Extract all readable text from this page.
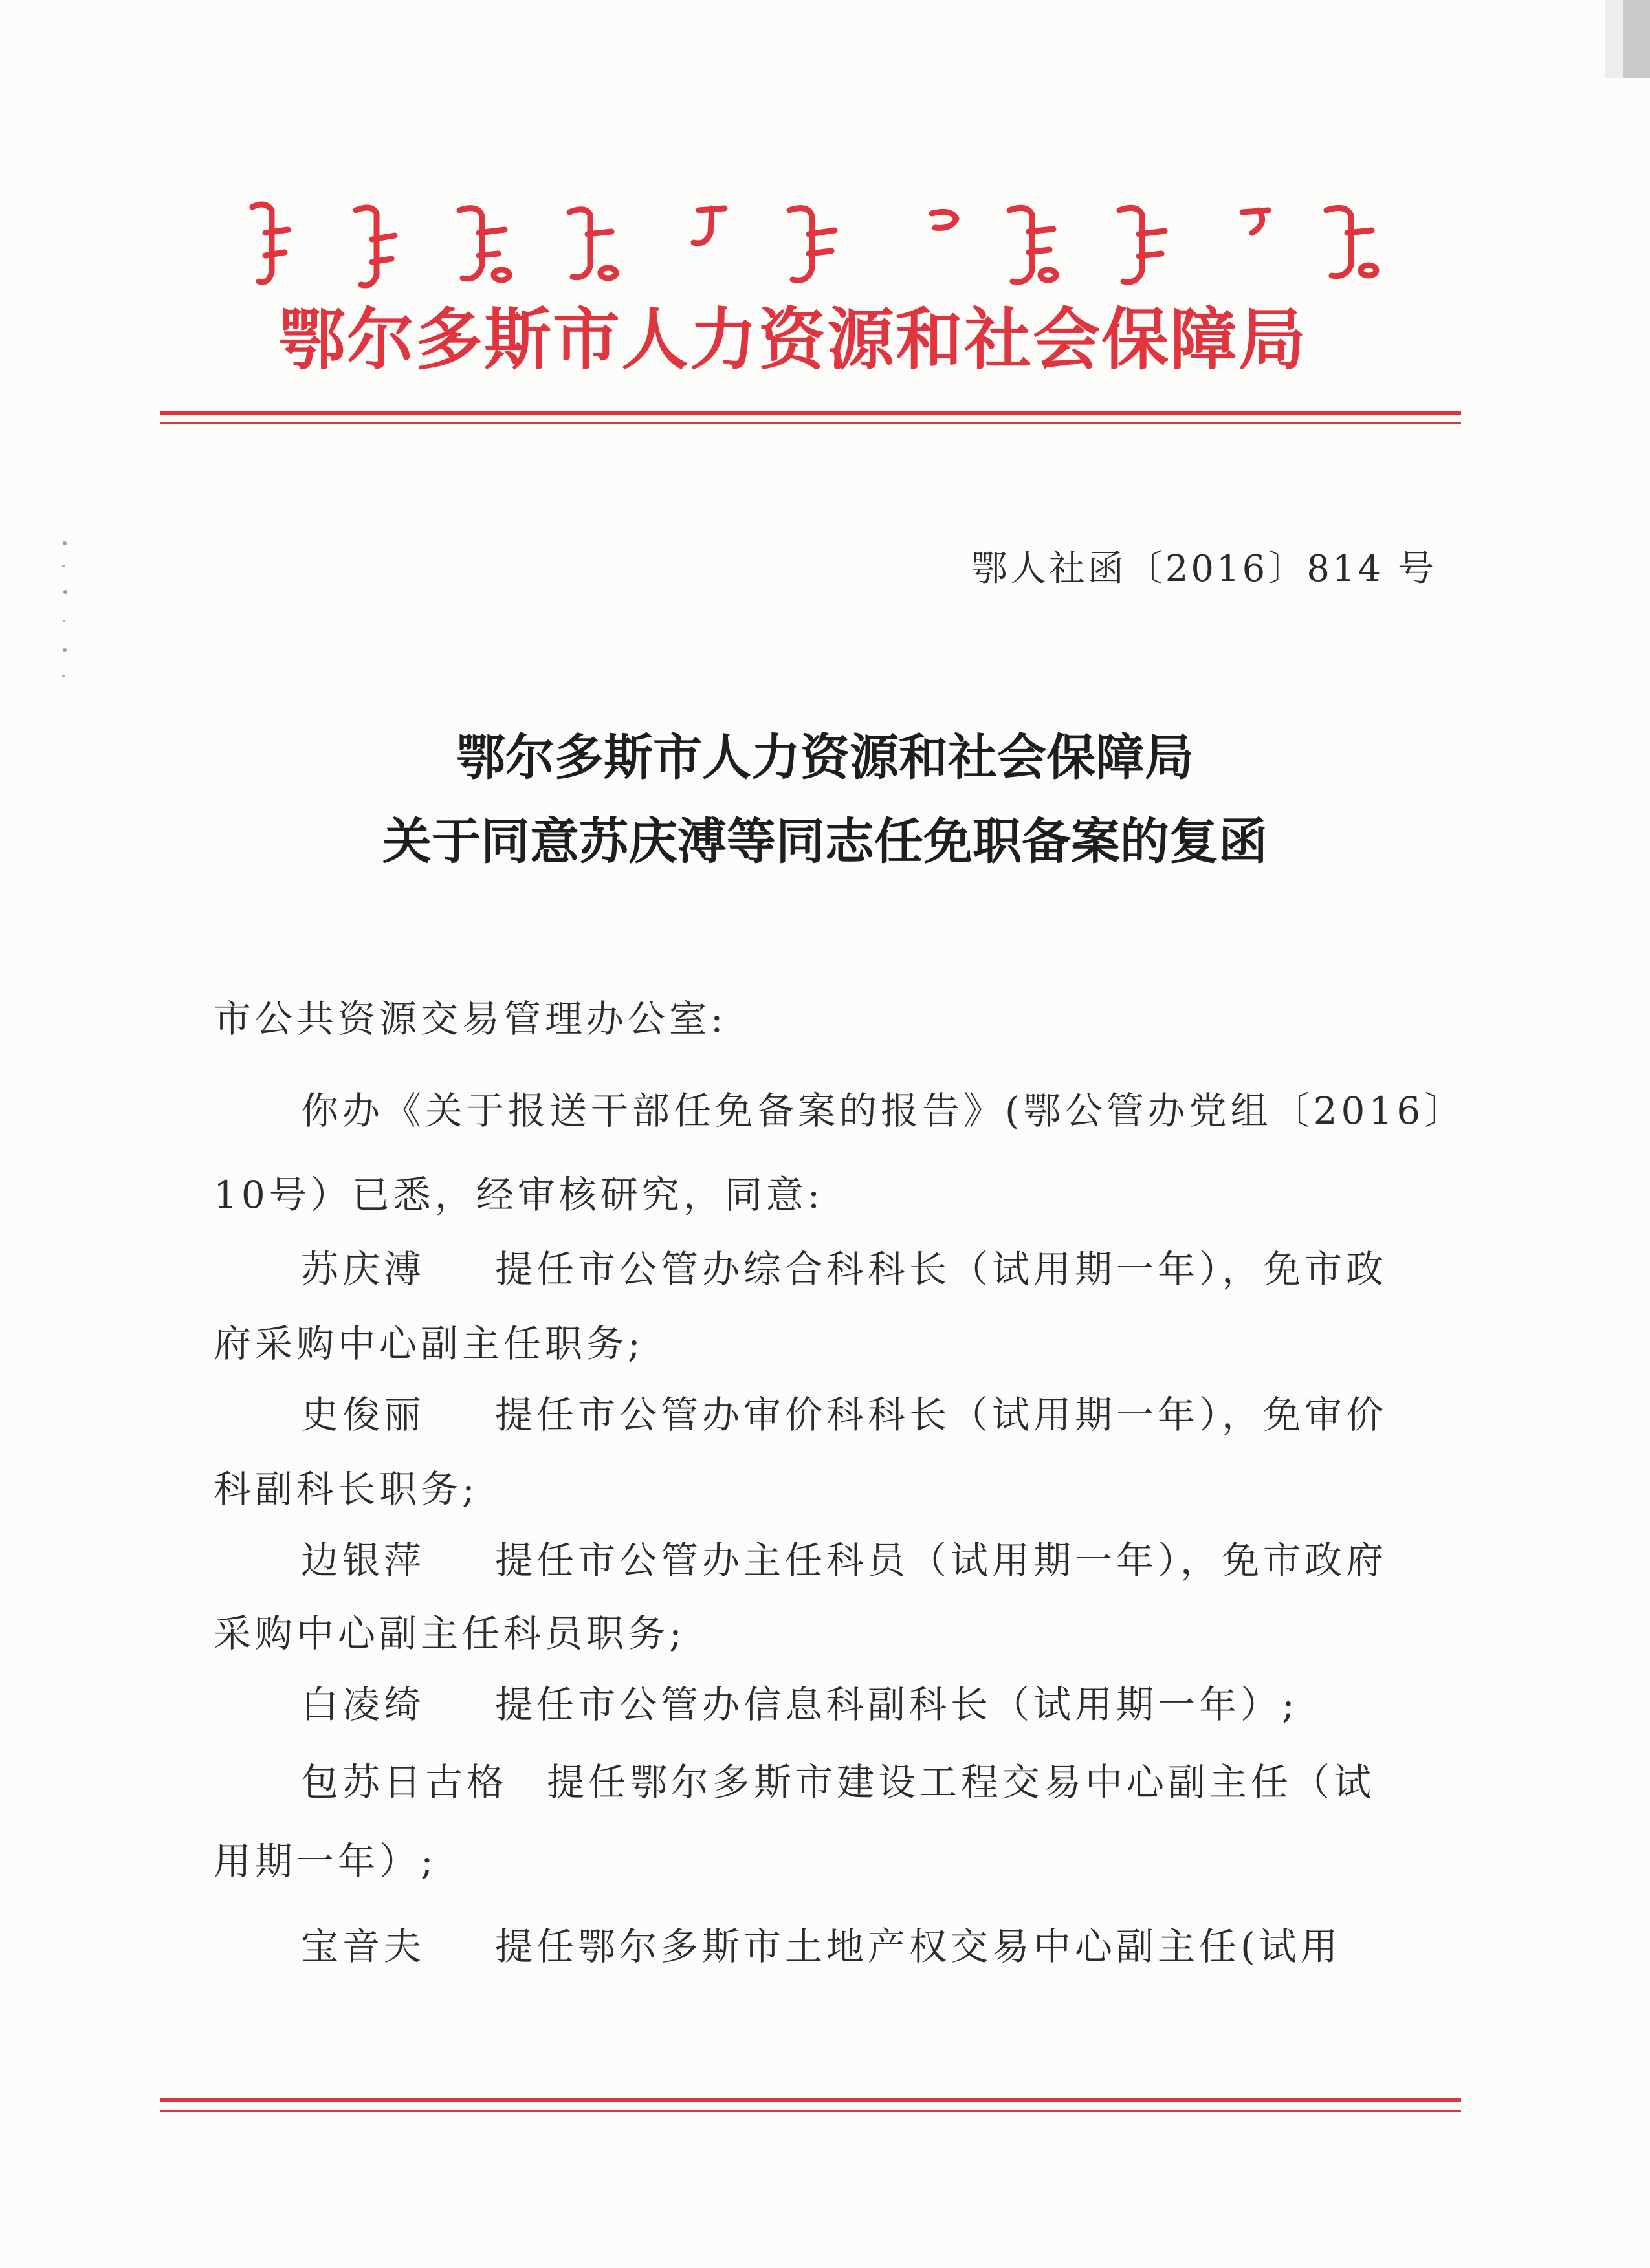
鄂尔多斯市人力资源和社会保障局
鄂人社函〔2016〕814 号
鄂尔多斯市人力资源和社会保障局
关于同意苏庆溥等同志任免职备案的复函
市公共资源交易管理办公室:
你办《关于报送干部任免备案的报告》(鄂公管办党组〔2016〕
10号）已悉，经审核研究，同意:
苏庆溥 提任市公管办综合科科长（试用期一年），免市政
府采购中心副主任职务;
史俊丽 提任市公管办审价科科长（试用期一年），免审价
科副科长职务;
边银萍 提任市公管办主任科员（试用期一年），免市政府
采购中心副主任科员职务;
白凌绮 提任市公管办信息科副科长（试用期一年）;
包苏日古格 提任鄂尔多斯市建设工程交易中心副主任（试
用期一年）;
宝音夫 提任鄂尔多斯市土地产权交易中心副主任(试用
